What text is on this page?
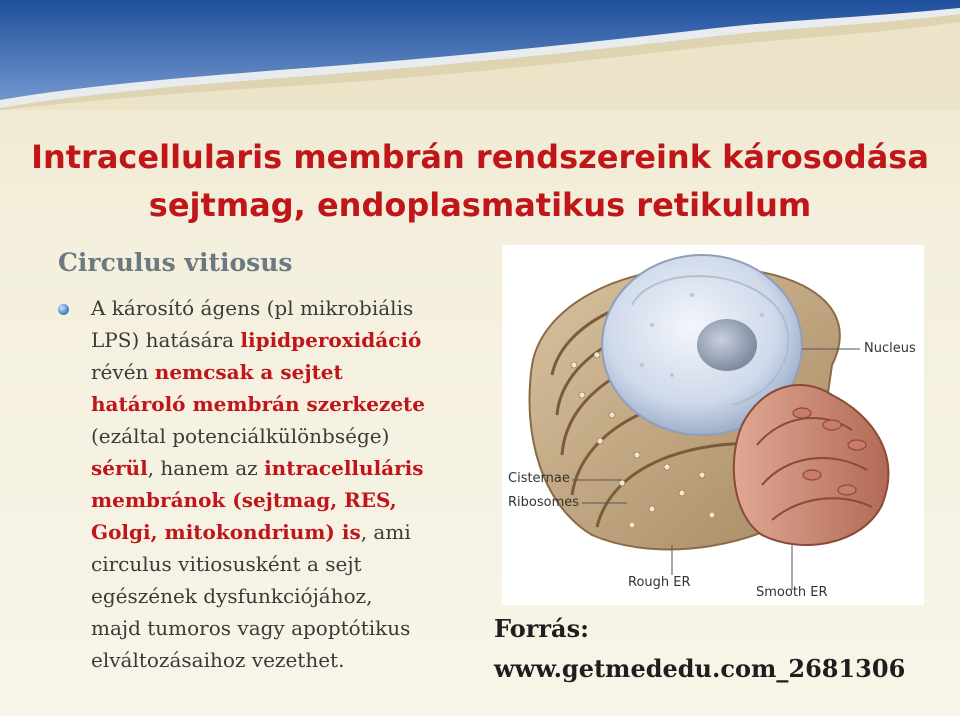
Intracellularis membrán rendszereink károsodása
sejtmag, endoplasmatikus retikulum
Circulus vitiosus

A károsító ágens (pl mikrobiális
LPS) hatására lipidperoxidáció
révén nemcsak a sejtet
határoló membrán szerkezete
(ezáltal potenciálkülönbsége)
sérül, hanem az intracelluláris
membránok (sejtmag, RES,
Golgi, mitokondrium) is, ami
circulus vitiosusként a sejt
egészének dysfunkciójához,
majd tumoros vagy apoptótikus
elváltozásaihoz vezethet.

Nucleus
Cisternae
Ribosomes
Rough ER
Smooth ER
Forrás:
www.getmededu.com_2681306
